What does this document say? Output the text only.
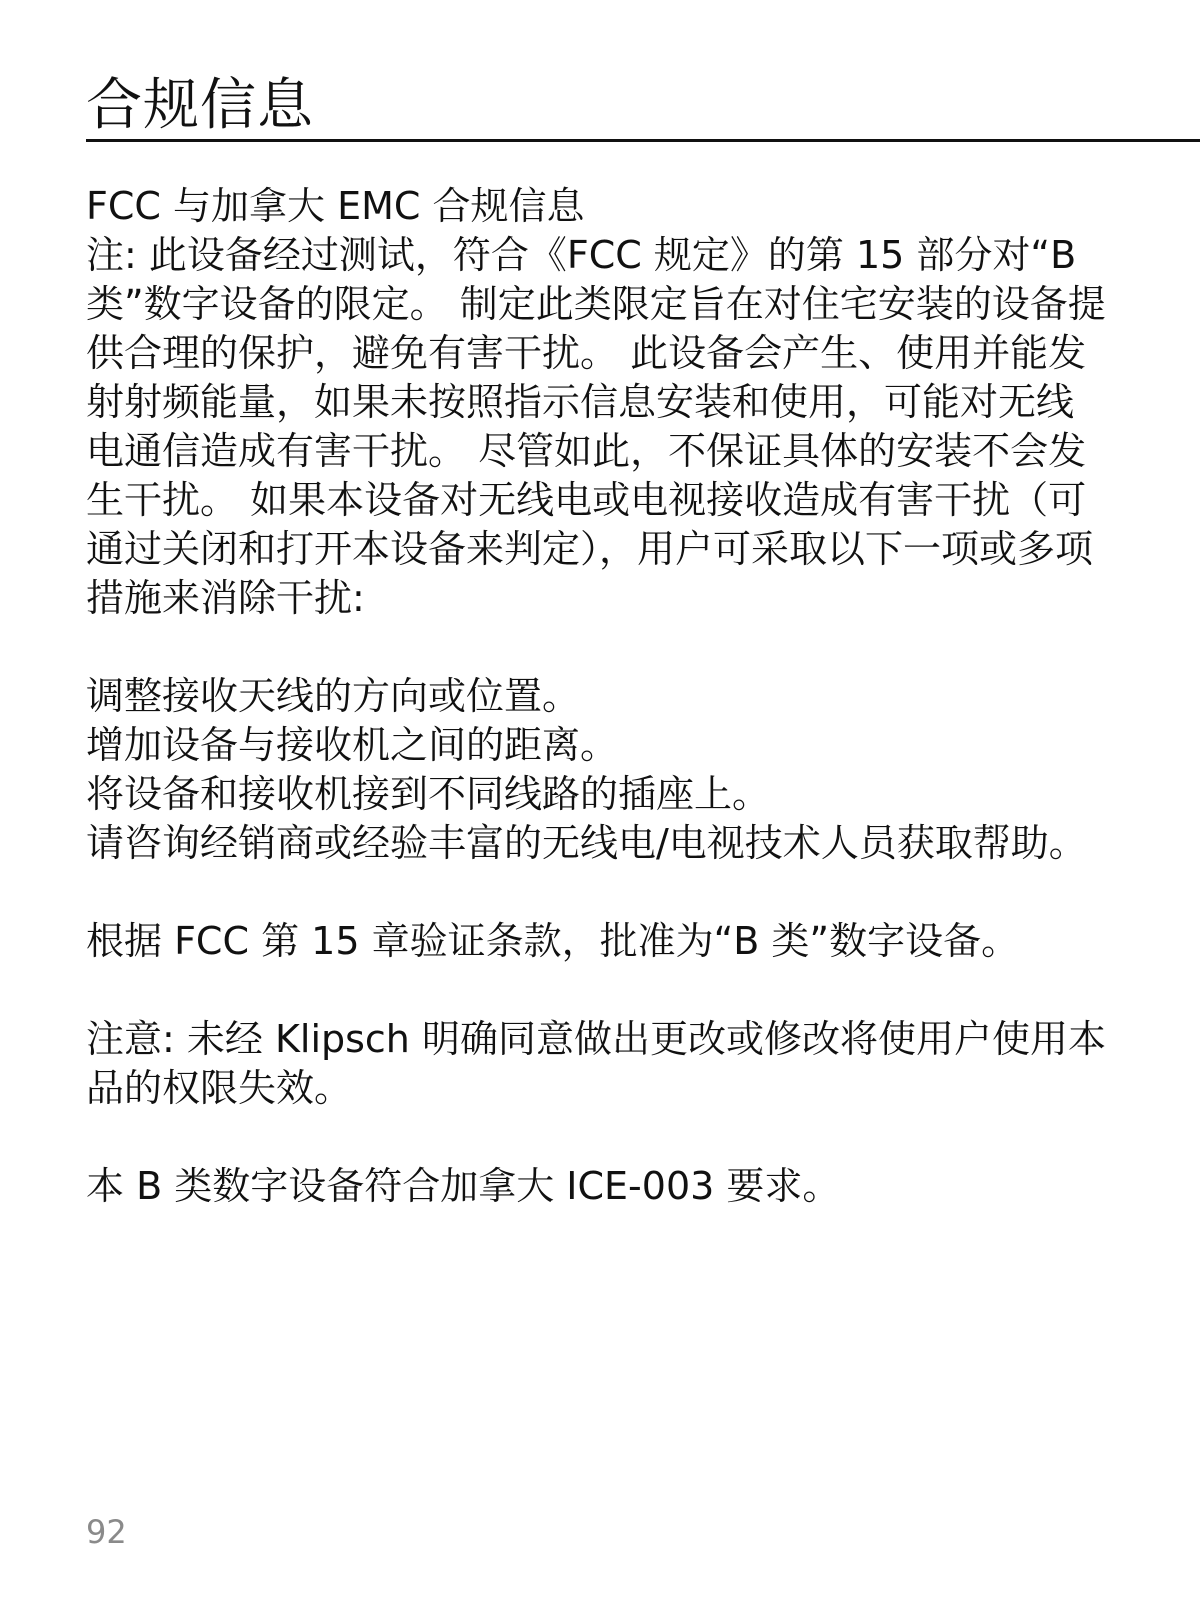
合规信息

FCC 与加拿大 EMC 合规信息

注: 此设备经过测试，符合《FCC 规定》的第 15 部分对“B 类”数字设备的限定。 制定此类限定旨在对住宅安装的设备提供合理的保护，避免有害干扰。 此设备会产生、使用并能发射射频能量，如果未按照指示信息安装和使用，可能对无线电通信造成有害干扰。 尽管如此，不保证具体的安装不会发生干扰。 如果本设备对无线电或电视接收造成有害干扰（可通过关闭和打开本设备来判定），用户可采取以下一项或多项措施来消除干扰:

调整接收天线的方向或位置。

增加设备与接收机之间的距离。

将设备和接收机接到不同线路的插座上。

请咨询经销商或经验丰富的无线电/电视技术人员获取帮助。

根据 FCC 第 15 章验证条款，批准为“B 类”数字设备。

注意: 未经 Klipsch 明确同意做出更改或修改将使用户使用本品的权限失效。

本 B 类数字设备符合加拿大 ICE-003 要求。

92
